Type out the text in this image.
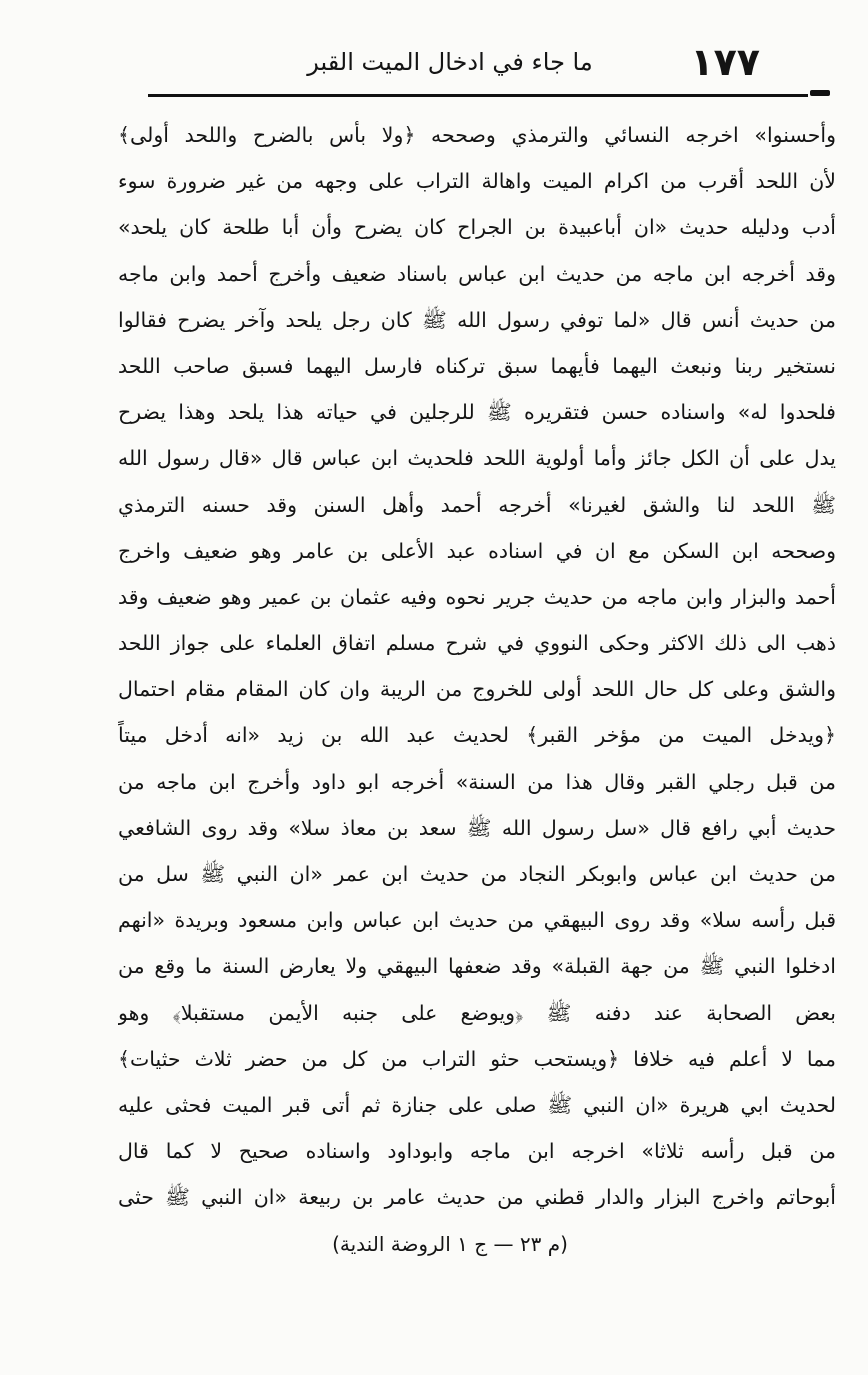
١٧٧
ما جاء في ادخال الميت القبر
وأحسنوا» اخرجه النسائي والترمذي وصححه ﴿ولا بأس بالضرح واللحد أولى﴾
لأن اللحد أقرب من اكرام الميت واهالة التراب على وجهه من غير ضرورة سوء
أدب ودليله حديث «ان أباعبيدة بن الجراح كان يضرح وأن أبا طلحة كان يلحد»
وقد أخرجه ابن ماجه من حديث ابن عباس باسناد ضعيف وأخرج أحمد وابن ماجه
من حديث أنس قال «لما توفي رسول الله ﷺ كان رجل يلحد وآخر يضرح فقالوا
نستخير ربنا ونبعث اليهما فأيهما سبق تركناه فارسل اليهما فسبق صاحب اللحد
فلحدوا له» واسناده حسن فتقريره ﷺ للرجلين في حياته هذا يلحد وهذا يضرح
يدل على أن الكل جائز وأما أولوية اللحد فلحديث ابن عباس قال «قال رسول الله
ﷺ اللحد لنا والشق لغيرنا» أخرجه أحمد وأهل السنن وقد حسنه الترمذي
وصححه ابن السكن مع ان في اسناده عبد الأعلى بن عامر وهو ضعيف واخرج
أحمد والبزار وابن ماجه من حديث جرير نحوه وفيه عثمان بن عمير وهو ضعيف وقد
ذهب الى ذلك الاكثر وحكى النووي في شرح مسلم اتفاق العلماء على جواز اللحد
والشق وعلى كل حال اللحد أولى للخروج من الريبة وان كان المقام مقام احتمال
﴿ويدخل الميت من مؤخر القبر﴾ لحديث عبد الله بن زيد «انه أدخل ميتاً
من قبل رجلي القبر وقال هذا من السنة» أخرجه ابو داود وأخرج ابن ماجه من
حديث أبي رافع قال «سل رسول الله ﷺ سعد بن معاذ سلا» وقد روى الشافعي
من حديث ابن عباس وابوبكر النجاد من حديث ابن عمر «ان النبي ﷺ سل من
قبل رأسه سلا» وقد روى البيهقي من حديث ابن عباس وابن مسعود وبريدة «انهم
ادخلوا النبي ﷺ من جهة القبلة» وقد ضعفها البيهقي ولا يعارض السنة ما وقع من
بعض الصحابة عند دفنه ﷺ ﴿ويوضع على جنبه الأيمن مستقبلا﴾ وهو
مما لا أعلم فيه خلافا ﴿ويستحب حثو التراب من كل من حضر ثلاث حثيات﴾
لحديث ابي هريرة «ان النبي ﷺ صلى على جنازة ثم أتى قبر الميت فحثى عليه
من قبل رأسه ثلاثا» اخرجه ابن ماجه وابوداود واسناده صحيح لا كما قال
أبوحاتم واخرج البزار والدار قطني من حديث عامر بن ربيعة «ان النبي ﷺ حثى
(م ٢٣ — ج ١ الروضة الندية)
